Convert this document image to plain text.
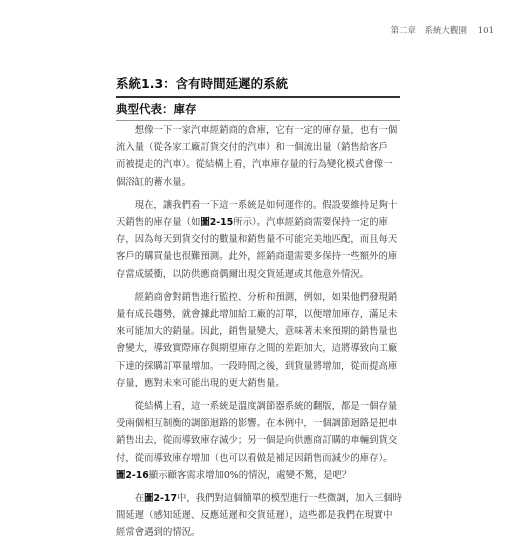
第二章　系統大觀園 101
系統1.3：含有時間延遲的系統
典型代表：庫存
　　想像一下一家汽車經銷商的倉庫，它有一定的庫存量，也有一個
流入量（從各家工廠訂貨交付的汽車）和一個流出量（銷售給客戶
而被提走的汽車）。從結構上看，汽車庫存量的行為變化模式會像一
個浴缸的蓄水量。
　　現在，讓我們看一下這一系統是如何運作的。假設要維持足夠十
天銷售的庫存量（如圖2-15所示）。汽車經銷商需要保持一定的庫
存，因為每天到貨交付的數量和銷售量不可能完美地匹配，而且每天
客戶的購買量也很難預測。此外，經銷商還需要多保持一些額外的庫
存當成緩衝，以防供應商偶爾出現交貨延遲或其他意外情況。
　　經銷商會對銷售進行監控、分析和預測，例如，如果他們發現銷
量有成長趨勢，就會據此增加給工廠的訂單，以便增加庫存，滿足未
來可能加大的銷量。因此，銷售量變大，意味著未來預期的銷售量也
會變大，導致實際庫存與期望庫存之間的差距加大，這將導致向工廠
下達的採購訂單量增加。一段時間之後，到貨量將增加，從而提高庫
存量，應對未來可能出現的更大銷售量。
　　從結構上看，這一系統是溫度調節器系統的翻版，都是一個存量
受兩個相互制衡的調節迴路的影響。在本例中，一個調節迴路是把車
銷售出去，從而導致庫存減少；另一個是向供應商訂購的車輛到貨交
付，從而導致庫存增加（也可以看做是補足因銷售而減少的庫存）。
圖2-16顯示顧客需求增加0%的情況，處變不驚，是吧？
　　在圖2-17中，我們對這個簡單的模型進行一些微調，加入三個時
間延遲（感知延遲、反應延遲和交貨延遲），這些都是我們在現實中
經常會遇到的情況。
